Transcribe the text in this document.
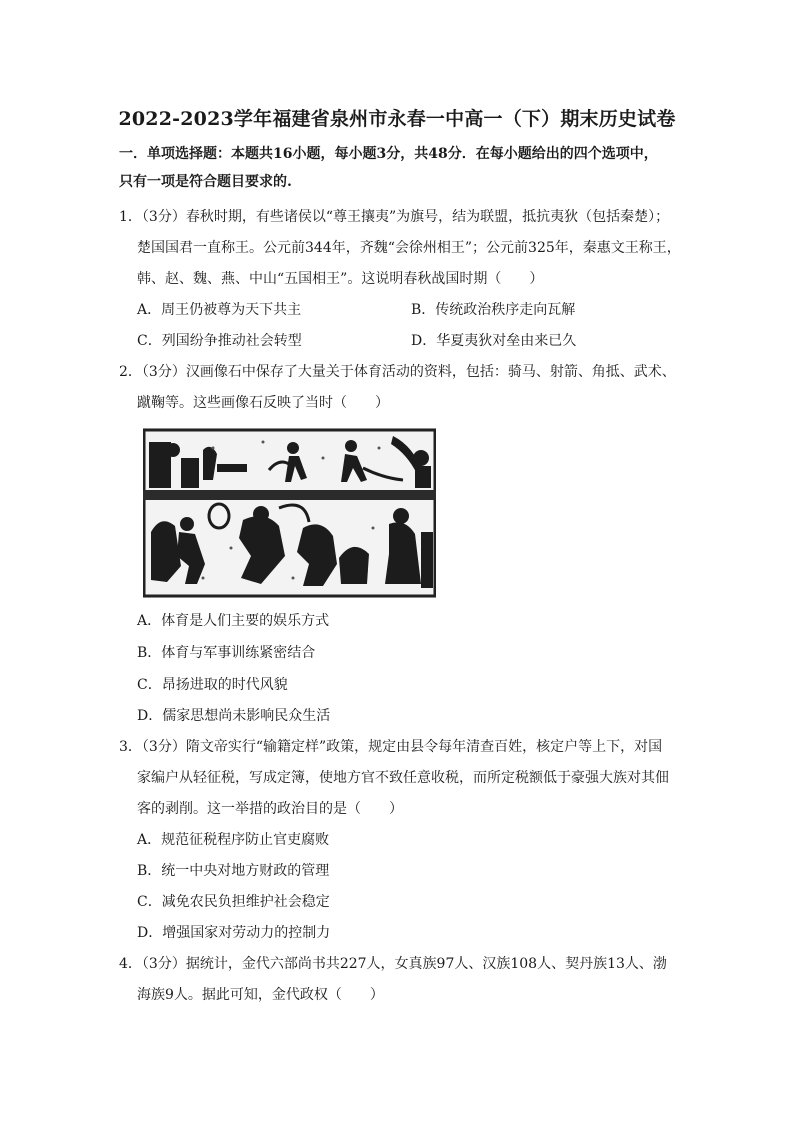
2022-2023学年福建省泉州市永春一中高一（下）期末历史试卷
一．单项选择题：本题共16小题，每小题3分，共48分．在每小题给出的四个选项中，
只有一项是符合题目要求的.
1．（3分）春秋时期，有些诸侯以“尊王攘夷”为旗号，结为联盟，抵抗夷狄（包括秦楚）；
楚国国君一直称王。公元前344年，齐魏“会徐州相王”；公元前325年，秦惠文王称王，
韩、赵、魏、燕、中山“五国相王”。这说明春秋战国时期（　　）
A．周王仍被尊为天下共主	B．传统政治秩序走向瓦解
C．列国纷争推动社会转型	D．华夏夷狄对垒由来已久
2．（3分）汉画像石中保存了大量关于体育活动的资料，包括：骑马、射箭、角抵、武术、
蹴鞠等。这些画像石反映了当时（　　）
A．体育是人们主要的娱乐方式
B．体育与军事训练紧密结合
C．昂扬进取的时代风貌
D．儒家思想尚未影响民众生活
3．（3分）隋文帝实行“输籍定样”政策，规定由县令每年清查百姓，核定户等上下，对国
家编户从轻征税，写成定簿，使地方官不致任意收税，而所定税额低于豪强大族对其佃
客的剥削。这一举措的政治目的是（　　）
A．规范征税程序防止官吏腐败
B．统一中央对地方财政的管理
C．减免农民负担维护社会稳定
D．增强国家对劳动力的控制力
4．（3分）据统计，金代六部尚书共227人，女真族97人、汉族108人、契丹族13人、渤
海族9人。据此可知，金代政权（　　）
